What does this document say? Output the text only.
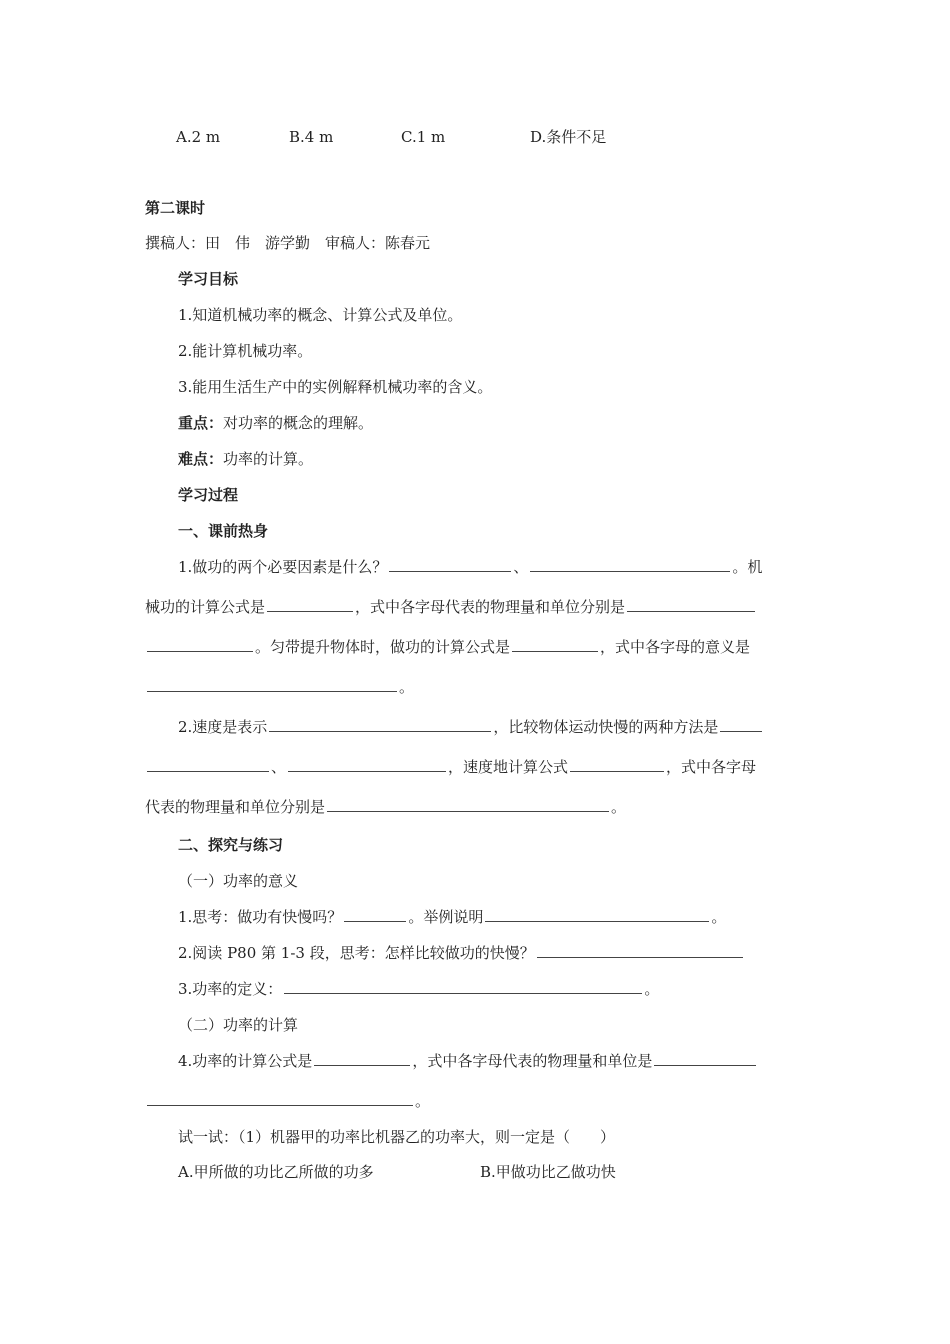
A.2 m	B.4 m	C.1 m	D.条件不足
第二课时
撰稿人：田　伟　游学勤　审稿人：陈春元
学习目标
1.知道机械功率的概念、计算公式及单位。
2.能计算机械功率。
3.能用生活生产中的实例解释机械功率的含义。
重点：对功率的概念的理解。
难点：功率的计算。
学习过程
一、课前热身
1.做功的两个必要因素是什么？	、	。机
械功的计算公式是	，式中各字母代表的物理量和单位分别是
。匀带提升物体时，做功的计算公式是	，式中各字母的意义是
。
2.速度是表示	，比较物体运动快慢的两种方法是
、	，速度地计算公式	，式中各字母
代表的物理量和单位分别是	。
二、探究与练习
（一）功率的意义
1.思考：做功有快慢吗？	。举例说明	。
2.阅读 P80 第 1-3 段，思考：怎样比较做功的快慢？
3.功率的定义：	。
（二）功率的计算
4.功率的计算公式是	，式中各字母代表的物理量和单位是
。
试一试：（1）机器甲的功率比机器乙的功率大，则一定是（　　）
A.甲所做的功比乙所做的功多	B.甲做功比乙做功快
